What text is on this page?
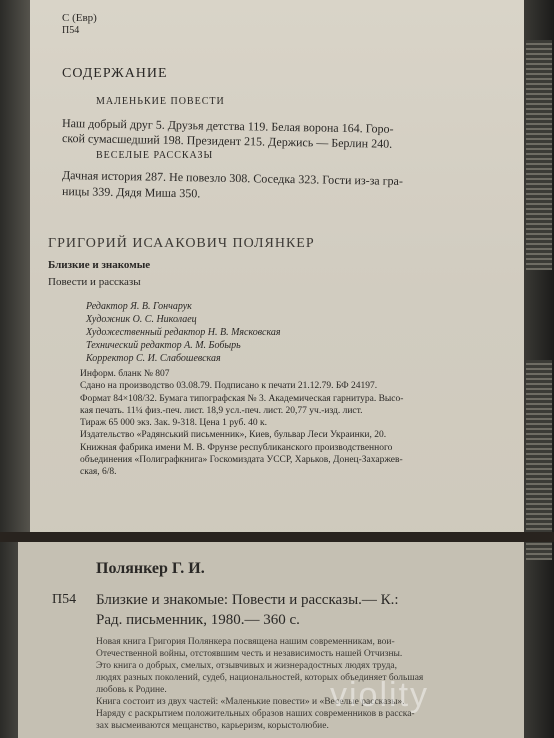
С (Евр)
П54
СОДЕРЖАНИЕ
МАЛЕНЬКИЕ ПОВЕСТИ
Наш добрый друг 5. Друзья детства 119. Белая ворона 164. Горо-
ской сумасшедший 198. Президент 215. Держись — Берлин 240.
ВЕСЕЛЫЕ РАССКАЗЫ
Дачная история 287. Не повезло 308. Соседка 323. Гости из-за гра-
ницы 339. Дядя Миша 350.
ГРИГОРИЙ ИСААКОВИЧ ПОЛЯНКЕР
Близкие и знакомые
Повести и рассказы
Редактор Я. В. Гончарук
Художник О. С. Николаец
Художественный редактор Н. В. Мясковская
Технический редактор А. М. Бобырь
Корректор С. И. Слабошевская
Информ. бланк № 807
Сдано на производство 03.08.79. Подписано к печати 21.12.79. БФ 24197.
Формат 84×108/32. Бумага типографская № 3. Академическая гарнитура. Высо-
кая печать. 11¼ физ.-печ. лист. 18,9 усл.-печ. лист. 20,77 уч.-изд. лист.
Тираж 65 000 экз. Зак. 9-318. Цена 1 руб. 40 к.
Издательство «Радянський письменник», Киев, бульвар Леси Украинки, 20.
Книжная фабрика имени М. В. Фрунзе республиканского производственного
объединения «Полиграфкнига» Госкомиздата УССР, Харьков, Донец-Захаржев-
ская, 6/8.
Полянкер Г. И.
П54 Близкие и знакомые: Повести и рассказы.— К.:
Рад. письменник, 1980.— 360 с.
Новая книга Григория Полянкера посвящена нашим современникам, вои-
Отечественной войны, отстоявшим честь и независимость нашей Отчизны.
Это книга о добрых, смелых, отзывчивых и жизнерадостных людях труда,
людях разных поколений, судеб, национальностей, которых объединяет большая
любовь к Родине.
Книга состоит из двух частей: «Маленькие повести» и «Веселые рассказы».
Наряду с раскрытием положительных образов наших современников в расска-
зах высмеиваются мещанство, карьеризм, корыстолюбие.
violity
